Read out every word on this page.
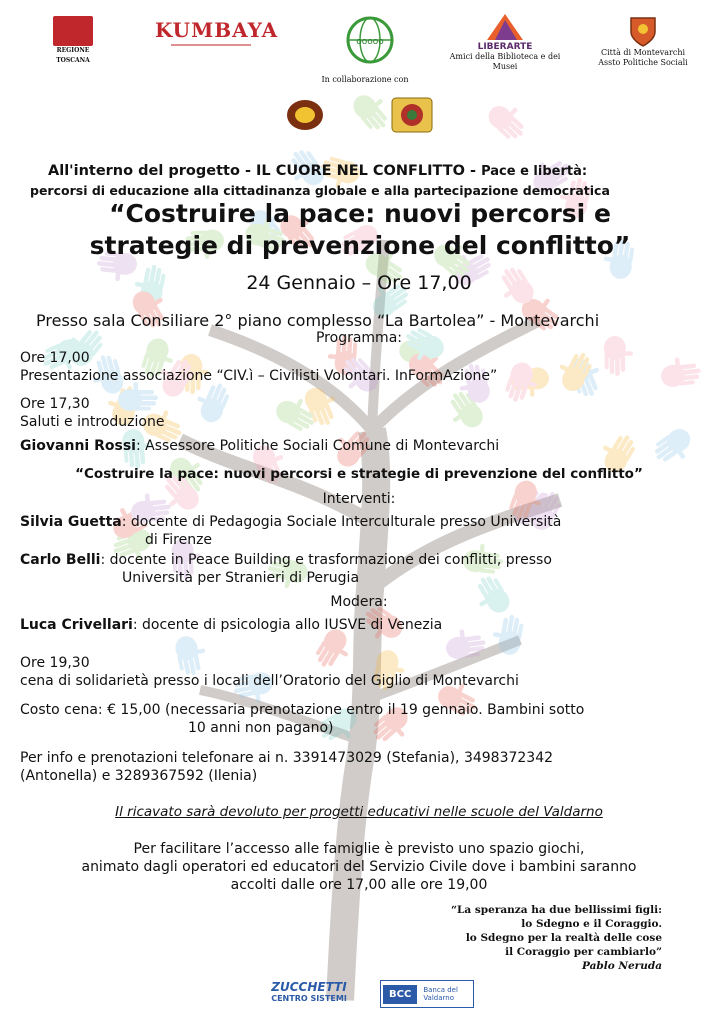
REGIONE TOSCANA
KUMBAYA	ooooo
In collaborazione con
LIBERARTE
Amici della Biblioteca e dei Musei
Città di Montevarchi
Assto Politiche Sociali
All'interno del progetto - IL CUORE NEL CONFLITTO - Pace e libertà:
percorsi di educazione alla cittadinanza globale e alla partecipazione democratica
“Costruire la pace: nuovi percorsi e
strategie di prevenzione del conflitto”
24 Gennaio – Ore 17,00
Presso sala Consiliare 2° piano complesso “La Bartolea” - Montevarchi
Programma:
Ore 17,00
Presentazione associazione “CIV.ì – Civilisti Volontari. InFormAzione”
Ore 17,30
Saluti e introduzione
Giovanni Rossi: Assessore Politiche Sociali Comune di Montevarchi
“Costruire la pace: nuovi percorsi e strategie di prevenzione del conflitto”
Interventi:
Silvia Guetta: docente di Pedagogia Sociale Interculturale presso Università
di Firenze
Carlo Belli: docente in Peace Building e trasformazione dei conflitti, presso
Università per Stranieri di Perugia
Modera:
Luca Crivellari: docente di psicologia allo IUSVE di Venezia
Ore 19,30
cena di solidarietà presso i locali dell’Oratorio del Giglio di Montevarchi
Costo cena: € 15,00 (necessaria prenotazione entro il 19 gennaio. Bambini sotto
10 anni non pagano)
Per info e prenotazioni telefonare ai n. 3391473029 (Stefania), 3498372342
(Antonella) e 3289367592 (Ilenia)
Il ricavato sarà devoluto per progetti educativi nelle scuole del Valdarno
Per facilitare l’accesso alle famiglie è previsto uno spazio giochi,
animato dagli operatori ed educatori del Servizio Civile dove i bambini saranno
accolti dalle ore 17,00 alle ore 19,00
“La speranza ha due bellissimi figli:
lo Sdegno e il Coraggio.
lo Sdegno per la realtà delle cose
il Coraggio per cambiarlo”
Pablo Neruda
ZUCCHETTI
CENTRO SISTEMI	BCC	Banca del
Valdarno
